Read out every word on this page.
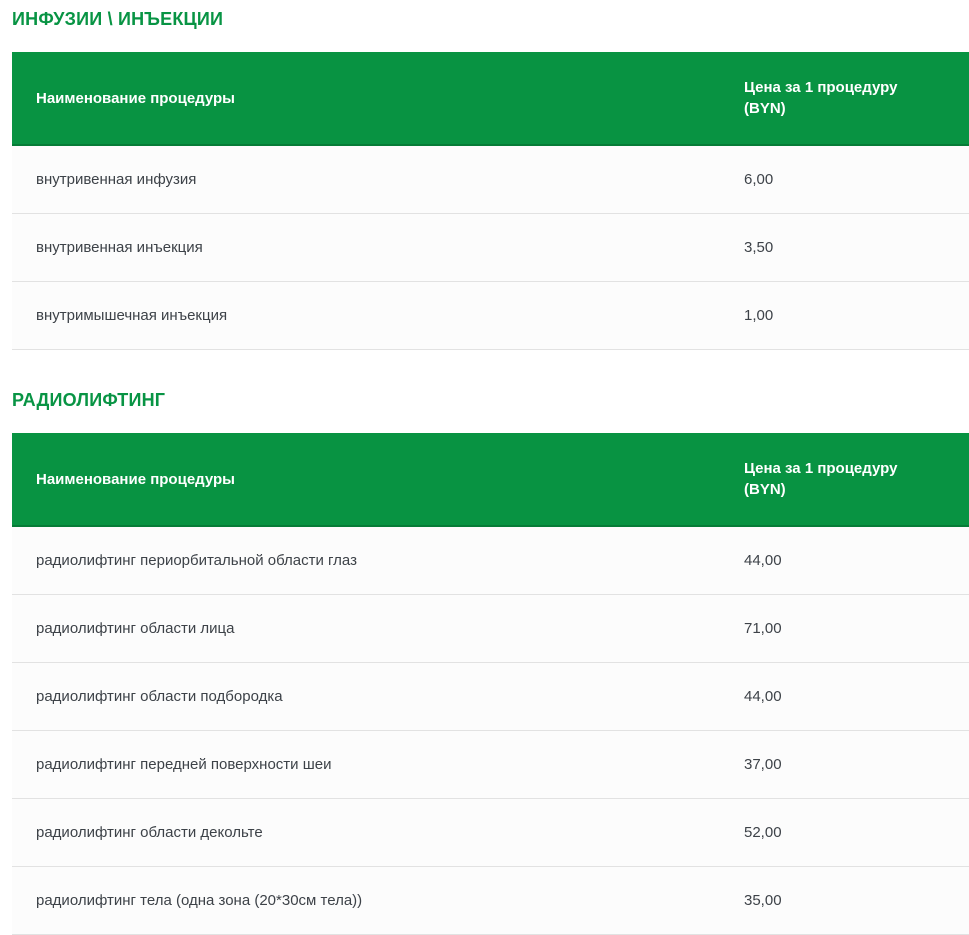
ИНФУЗИИ \ ИНЪЕКЦИИ
Наименование процедуры	Цена за 1 процедуру (BYN)

внутривенная инфузия	6,00
внутривенная инъекция	3,50
внутримышечная инъекция	1,00
РАДИОЛИФТИНГ
Наименование процедуры	Цена за 1 процедуру (BYN)

радиолифтинг периорбитальной области глаз	44,00
радиолифтинг области лица	71,00
радиолифтинг области подбородка	44,00
радиолифтинг передней поверхности шеи	37,00
радиолифтинг области декольте	52,00
радиолифтинг тела (одна зона (20*30см тела))	35,00
